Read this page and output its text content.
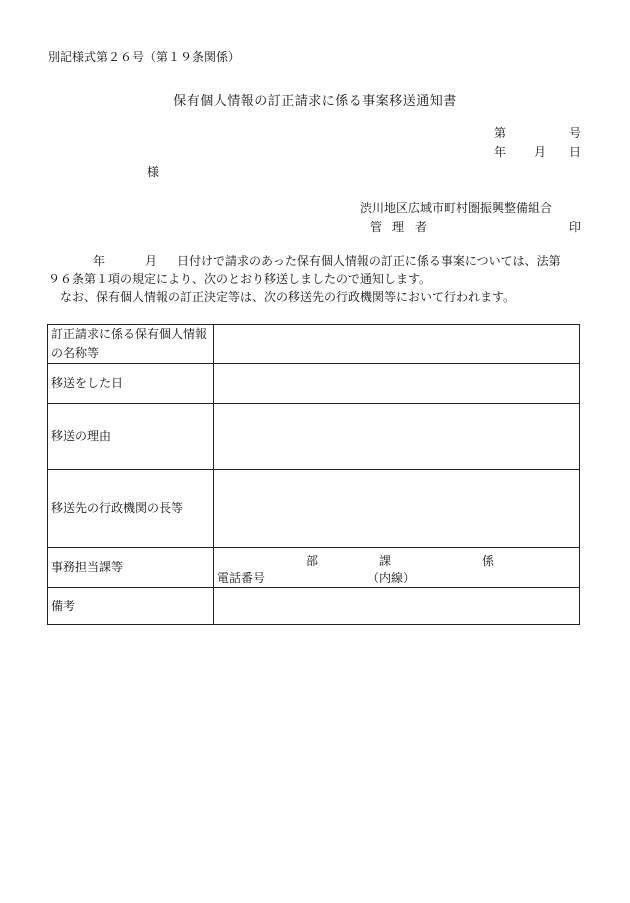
別記様式第２６号（第１９条関係）
保有個人情報の訂正請求に係る事案移送通知書
第	号
年 月 日
様
渋川地区広域市町村圏振興整備組合
管 理 者	印

年	月 日付けで請求のあった保有個人情報の訂正に係る事案については、法第

９６条第１項の規定により、次のとおり移送しましたので通知します。

なお、保有個人情報の訂正決定等は、次の移送先の行政機関等において行われます。

訂正請求に係る保有個人情報の名称等	
移送をした日	
移送の理由	
移送先の行政機関の長等	
事務担当課等	部 課 係
電話番号 （内線）

備考	
